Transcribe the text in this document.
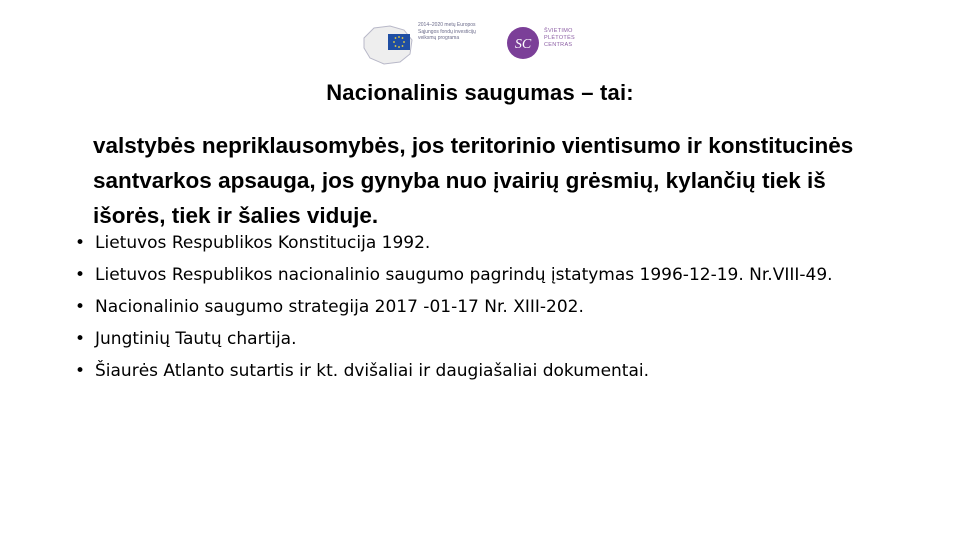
2014–2020 metų Europos Sąjungos fondų investicijų veiksmų programa	SC
ŠVIETIMO PLĖTOTĖS CENTRAS
Nacionalinis saugumas – tai:
valstybės nepriklausomybės, jos teritorinio vientisumo ir konstitucinės santvarkos apsauga, jos gynyba nuo įvairių grėsmių, kylančių tiek iš išorės, tiek ir šalies viduje.
• Lietuvos Respublikos Konstitucija 1992.
• Lietuvos Respublikos nacionalinio saugumo pagrindų įstatymas 1996-12-19. Nr.VIII-49.
• Nacionalinio saugumo strategija 2017 -01-17 Nr. XIII-202.
• Jungtinių Tautų chartija.
• Šiaurės Atlanto sutartis ir kt. dvišaliai ir daugiašaliai dokumentai.
